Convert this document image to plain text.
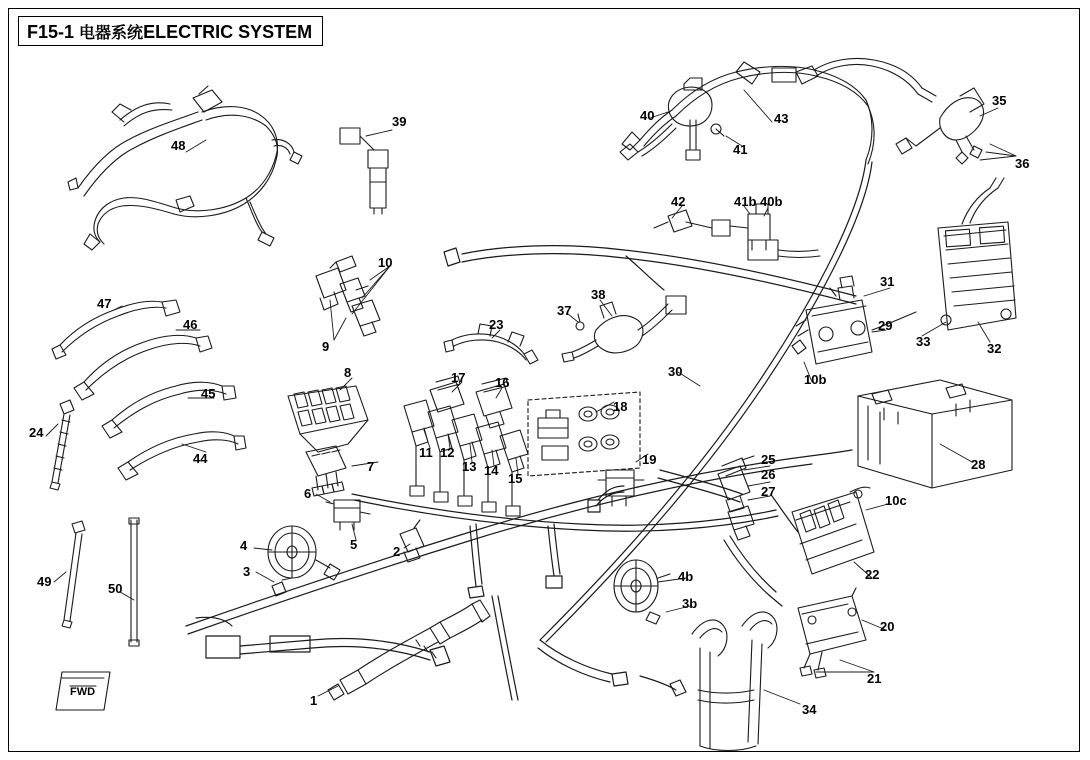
F15-1 电器系统ELECTRIC SYSTEM
1
2
3
4	5
6
7
8
9
10
11 12
13 14
15
16
17
18
19
20
21
22
23
24
25
26
27
28
29
30
31
32
33
34
35
36
37
38
39	40
41
42
43
44
45
46
47
48
49	50
41b 40b
10b
10c
4b
3b
FWD
